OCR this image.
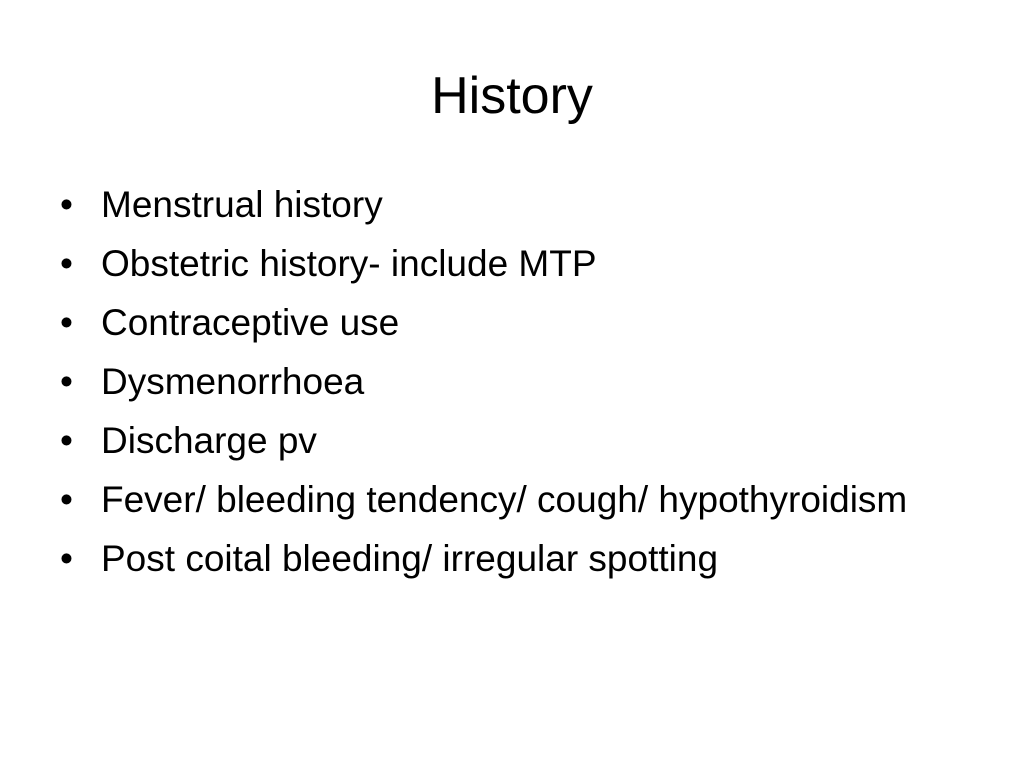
History
• Menstrual history
• Obstetric history- include MTP
• Contraceptive use
• Dysmenorrhoea
• Discharge pv
• Fever/ bleeding tendency/ cough/ hypothyroidism
• Post coital bleeding/ irregular spotting
